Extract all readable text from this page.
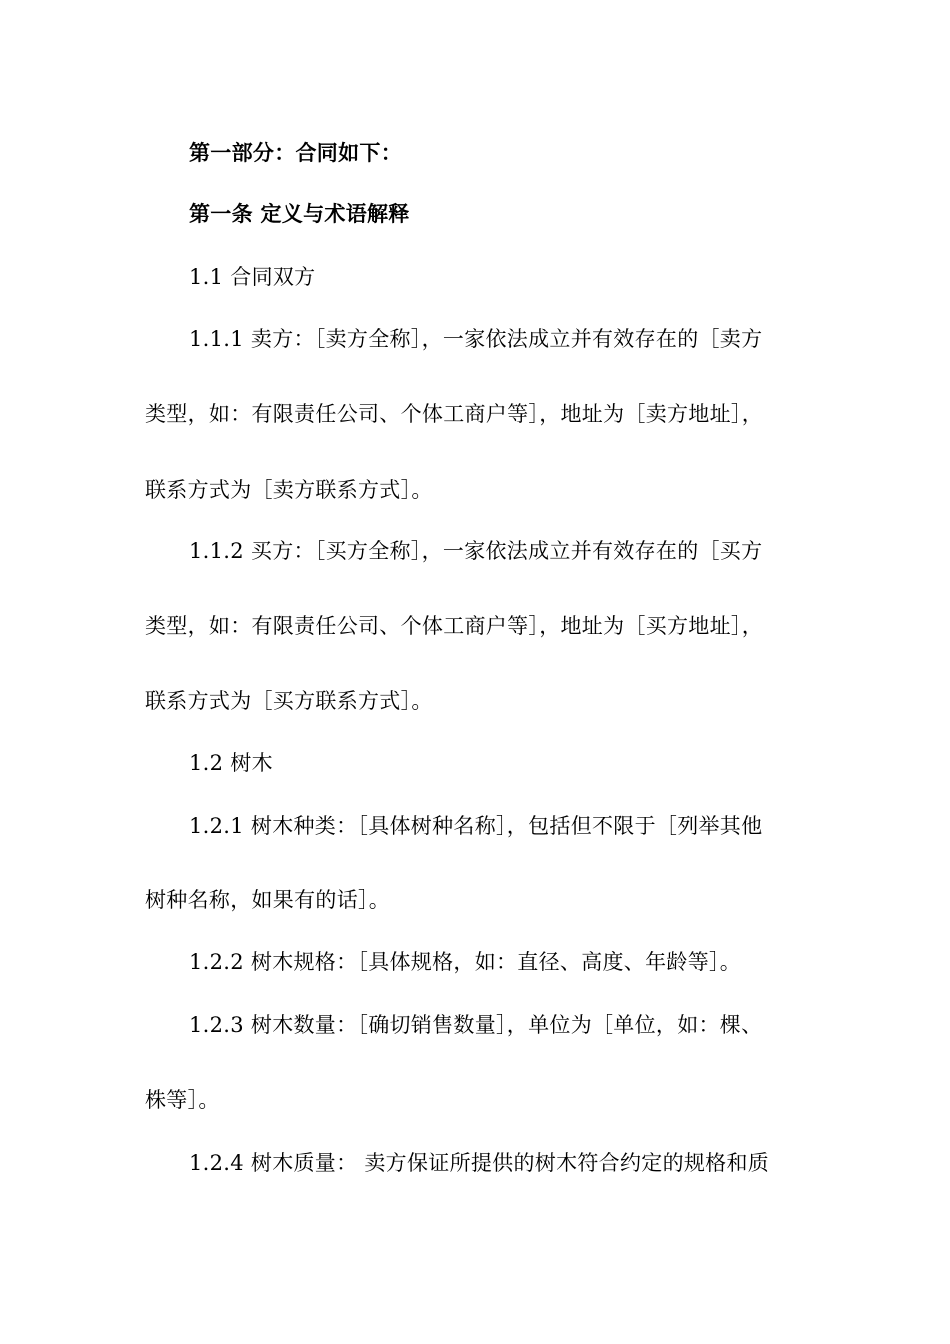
第一部分：合同如下：
第一条 定义与术语解释
1.1 合同双方
1.1.1 卖方：［卖方全称］，一家依法成立并有效存在的［卖方
类型，如：有限责任公司、个体工商户等］，地址为［卖方地址］，
联系方式为［卖方联系方式］。
1.1.2 买方：［买方全称］，一家依法成立并有效存在的［买方
类型，如：有限责任公司、个体工商户等］，地址为［买方地址］，
联系方式为［买方联系方式］。
1.2 树木
1.2.1 树木种类：［具体树种名称］，包括但不限于［列举其他
树种名称，如果有的话］。
1.2.2 树木规格：［具体规格，如：直径、高度、年龄等］。
1.2.3 树木数量：［确切销售数量］，单位为［单位，如：棵、
株等］。
1.2.4 树木质量： 卖方保证所提供的树木符合约定的规格和质
